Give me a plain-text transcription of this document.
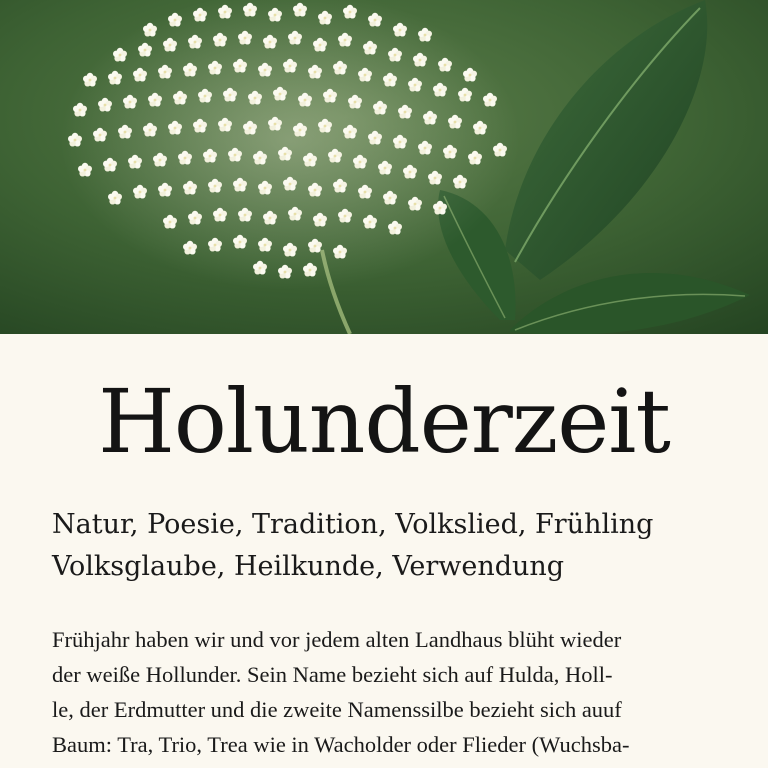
Holunderzeit
Natur, Poesie, Tradition, Volkslied, Frühling
Volksglaube, Heilkunde, Verwendung
Frühjahr haben wir und vor jedem alten Landhaus blüht wieder
der weiße Hollunder. Sein Name bezieht sich auf Hulda, Holl-
le, der Erdmutter und die zweite Namenssilbe bezieht sich auuf
Baum: Tra, Trio, Trea wie in Wacholder oder Flieder (Wuchsba-
